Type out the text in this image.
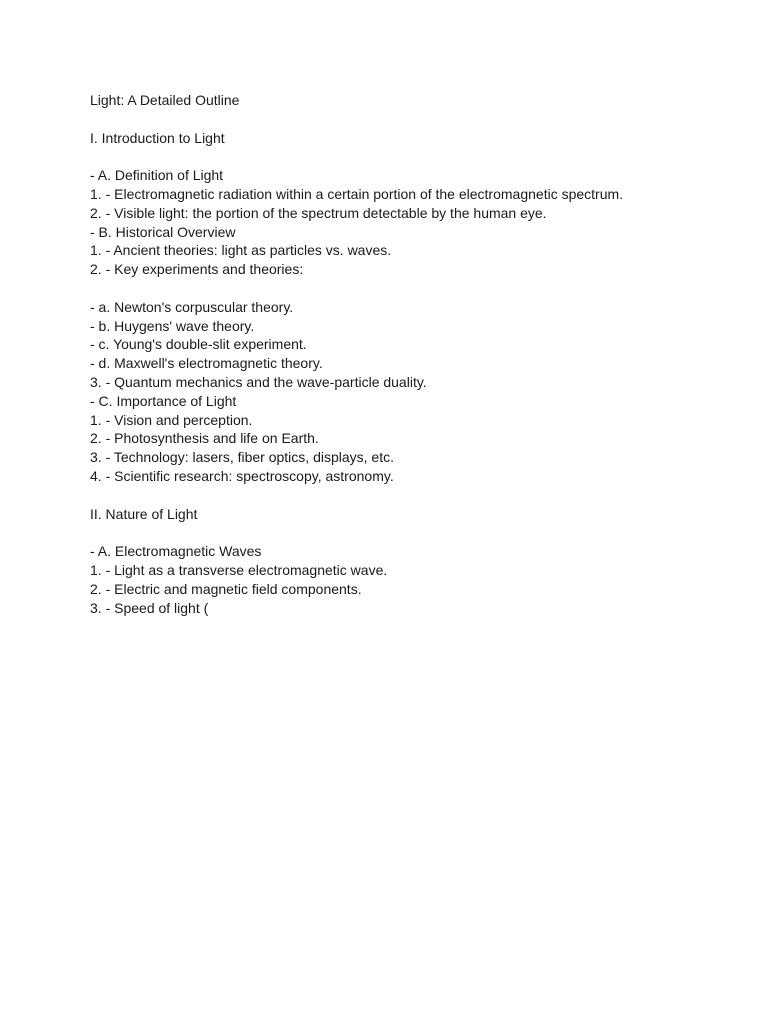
Light: A Detailed Outline
I. Introduction to Light
- A. Definition of Light
1. - Electromagnetic radiation within a certain portion of the electromagnetic spectrum.
2. - Visible light: the portion of the spectrum detectable by the human eye.
- B. Historical Overview
1. - Ancient theories: light as particles vs. waves.
2. - Key experiments and theories:
- a. Newton's corpuscular theory.
- b. Huygens' wave theory.
- c. Young's double-slit experiment.
- d. Maxwell's electromagnetic theory.
3. - Quantum mechanics and the wave-particle duality.
- C. Importance of Light
1. - Vision and perception.
2. - Photosynthesis and life on Earth.
3. - Technology: lasers, fiber optics, displays, etc.
4. - Scientific research: spectroscopy, astronomy.
II. Nature of Light
- A. Electromagnetic Waves
1. - Light as a transverse electromagnetic wave.
2. - Electric and magnetic field components.
3. - Speed of light (
